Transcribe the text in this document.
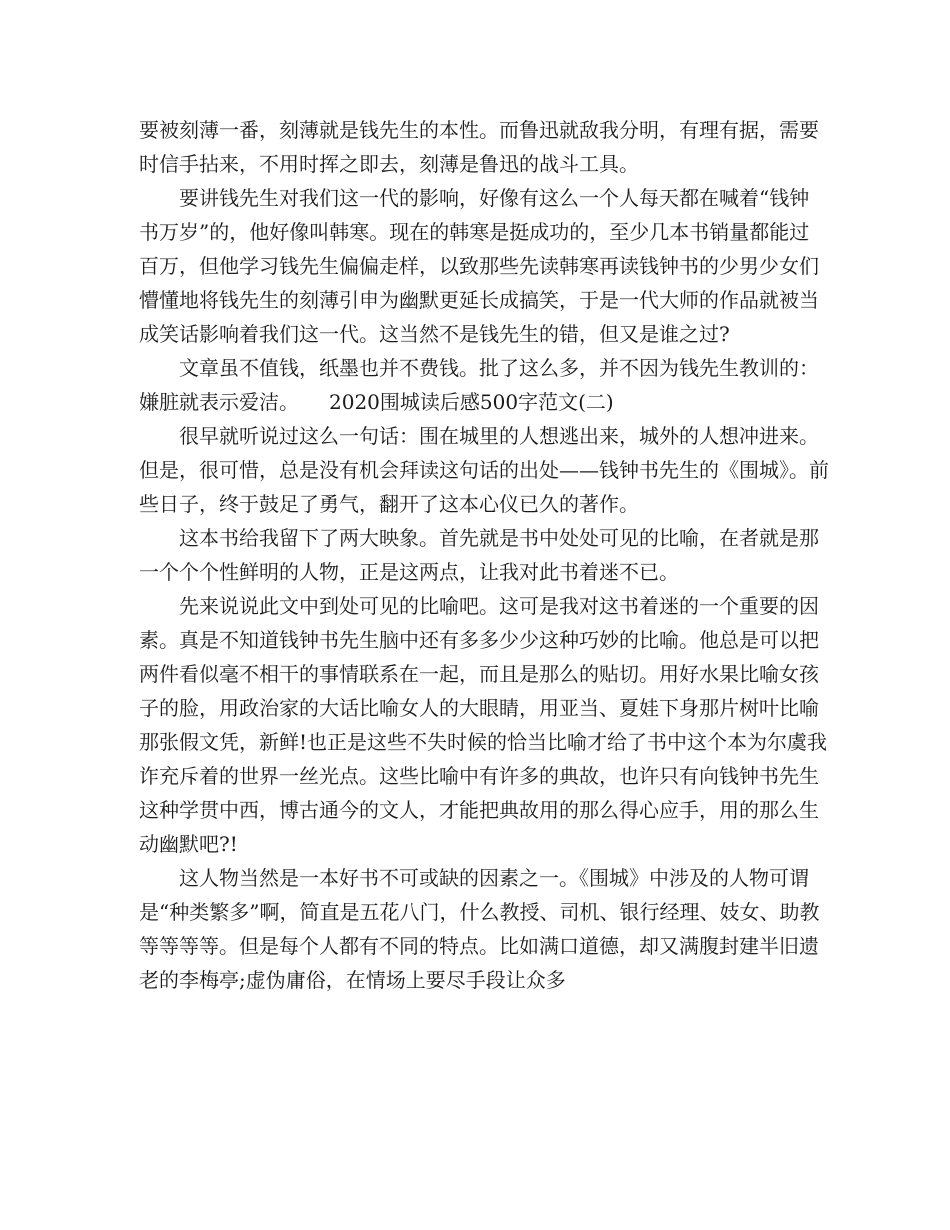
要被刻薄一番，刻薄就是钱先生的本性。而鲁迅就敌我分明，有理有据，需要时信手拈来，不用时挥之即去，刻薄是鲁迅的战斗工具。

要讲钱先生对我们这一代的影响，好像有这么一个人每天都在喊着“钱钟书万岁”的，他好像叫韩寒。现在的韩寒是挺成功的，至少几本书销量都能过百万，但他学习钱先生偏偏走样，以致那些先读韩寒再读钱钟书的少男少女们懵懂地将钱先生的刻薄引申为幽默更延长成搞笑，于是一代大师的作品就被当成笑话影响着我们这一代。这当然不是钱先生的错，但又是谁之过?

文章虽不值钱，纸墨也并不费钱。批了这么多，并不因为钱先生教训的：嫌脏就表示爱洁。　　2020围城读后感500字范文(二)

很早就听说过这么一句话：围在城里的人想逃出来，城外的人想冲进来。但是，很可惜，总是没有机会拜读这句话的出处——钱钟书先生的《围城》。前些日子，终于鼓足了勇气，翻开了这本心仪已久的著作。

这本书给我留下了两大映象。首先就是书中处处可见的比喻，在者就是那一个个个性鲜明的人物，正是这两点，让我对此书着迷不已。

先来说说此文中到处可见的比喻吧。这可是我对这书着迷的一个重要的因素。真是不知道钱钟书先生脑中还有多多少少这种巧妙的比喻。他总是可以把两件看似毫不相干的事情联系在一起，而且是那么的贴切。用好水果比喻女孩子的脸，用政治家的大话比喻女人的大眼睛，用亚当、夏娃下身那片树叶比喻那张假文凭，新鲜!也正是这些不失时候的恰当比喻才给了书中这个本为尔虞我诈充斥着的世界一丝光点。这些比喻中有许多的典故，也许只有向钱钟书先生这种学贯中西，博古通今的文人，才能把典故用的那么得心应手，用的那么生动幽默吧?!

这人物当然是一本好书不可或缺的因素之一。《围城》中涉及的人物可谓是“种类繁多”啊，简直是五花八门，什么教授、司机、银行经理、妓女、助教等等等等。但是每个人都有不同的特点。比如满口道德，却又满腹封建半旧遗老的李梅亭;虚伪庸俗，在情场上要尽手段让众多
